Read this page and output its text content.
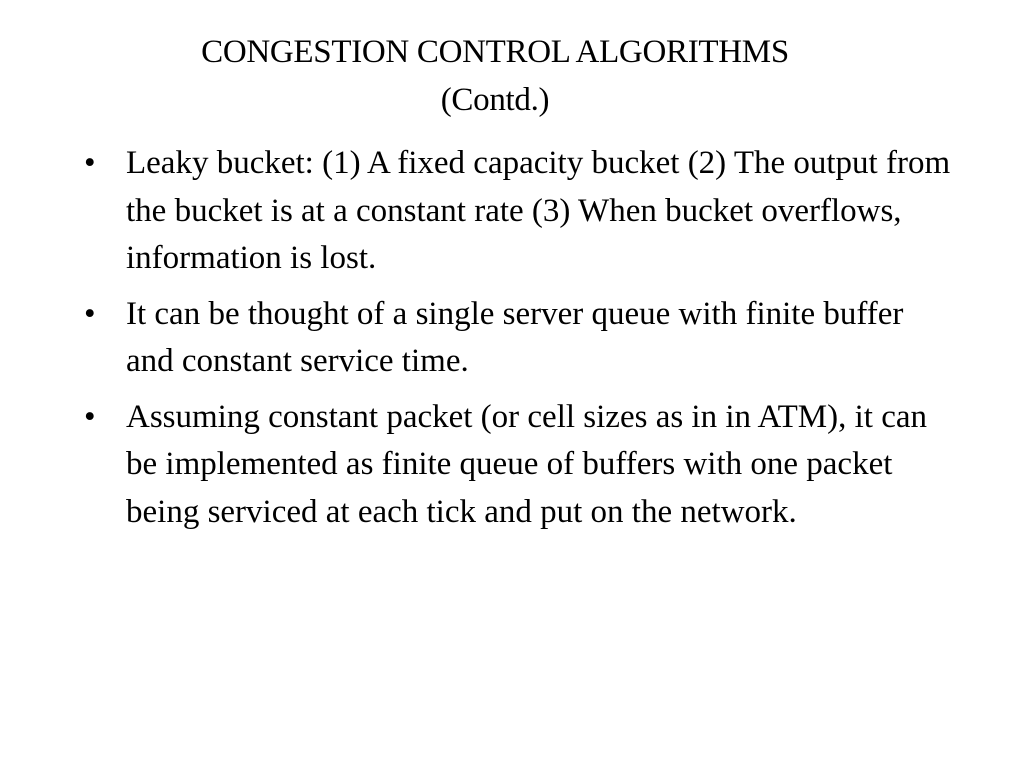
CONGESTION CONTROL ALGORITHMS
(Contd.)
• Leaky bucket: (1) A fixed capacity bucket (2) The output from the bucket is at a constant rate (3) When bucket overflows, information is lost.
• It can be thought of a single server queue with finite buffer and constant service time.
• Assuming constant packet (or cell sizes as in in ATM), it can be implemented as finite queue of buffers with one packet being serviced at each tick and put on the network.
